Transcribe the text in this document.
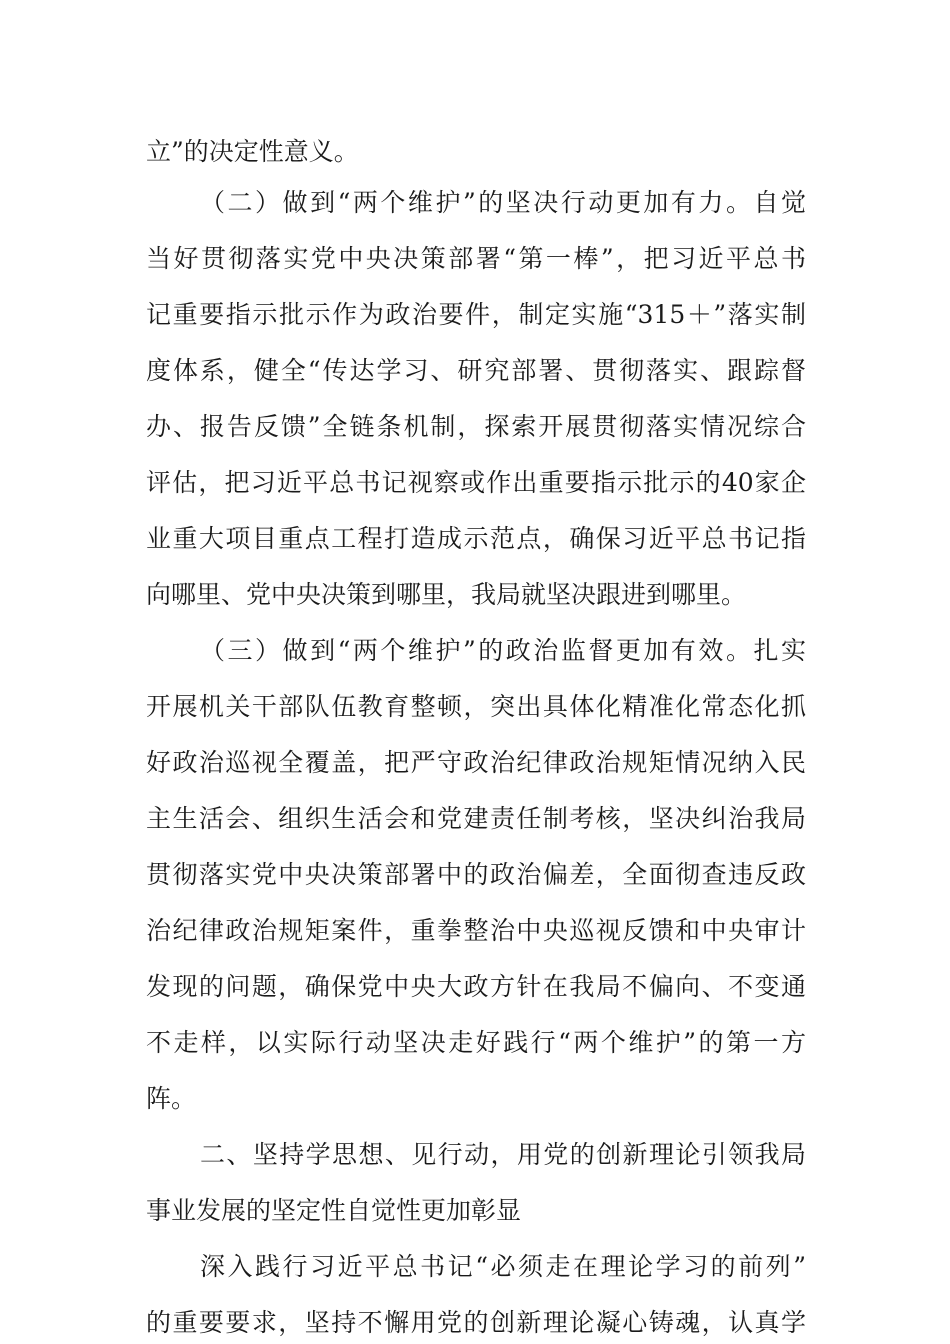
立”的决定性意义。
（二）做到“两个维护”的坚决行动更加有力。自觉
当好贯彻落实党中央决策部署“第一棒”，把习近平总书
记重要指示批示作为政治要件，制定实施“315＋”落实制
度体系，健全“传达学习、研究部署、贯彻落实、跟踪督
办、报告反馈”全链条机制，探索开展贯彻落实情况综合
评估，把习近平总书记视察或作出重要指示批示的40家企
业重大项目重点工程打造成示范点，确保习近平总书记指
向哪里、党中央决策到哪里，我局就坚决跟进到哪里。
（三）做到“两个维护”的政治监督更加有效。扎实
开展机关干部队伍教育整顿，突出具体化精准化常态化抓
好政治巡视全覆盖，把严守政治纪律政治规矩情况纳入民
主生活会、组织生活会和党建责任制考核，坚决纠治我局
贯彻落实党中央决策部署中的政治偏差，全面彻查违反政
治纪律政治规矩案件，重拳整治中央巡视反馈和中央审计
发现的问题，确保党中央大政方针在我局不偏向、不变通
不走样，以实际行动坚决走好践行“两个维护”的第一方
阵。
二、坚持学思想、见行动，用党的创新理论引领我局
事业发展的坚定性自觉性更加彰显
深入践行习近平总书记“必须走在理论学习的前列”
的重要要求，坚持不懈用党的创新理论凝心铸魂，认真学
